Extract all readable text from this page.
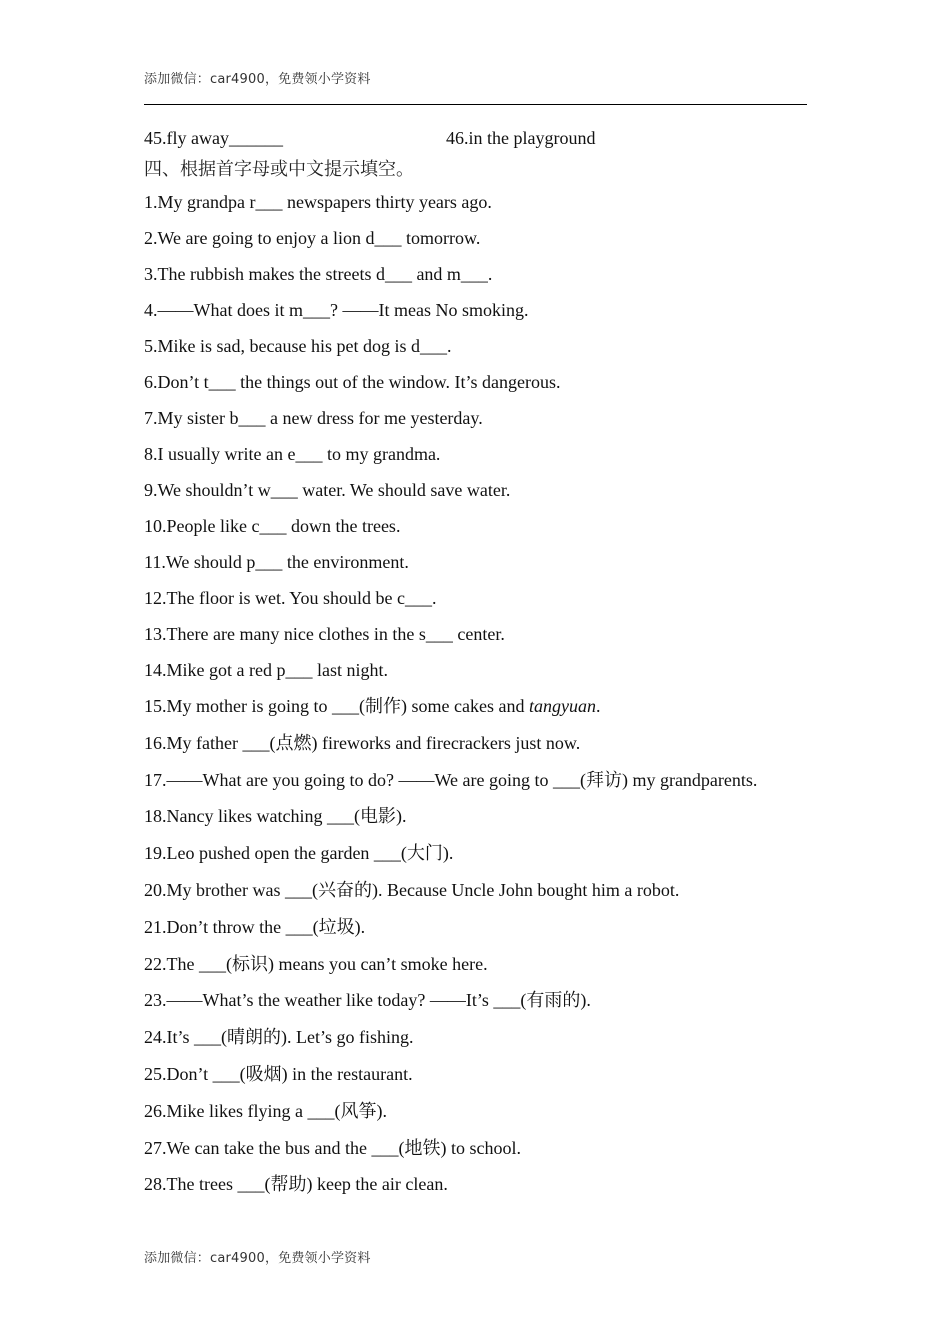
添加微信：car4900，免费领小学资料
45.fly away______	46.in the playground
四、根据首字母或中文提示填空。
1.My grandpa r___ newspapers thirty years ago.
2.We are going to enjoy a lion d___ tomorrow.
3.The rubbish makes the streets d___ and m___.
4.——What does it m___? ——It meas No smoking.
5.Mike is sad, because his pet dog is d___.
6.Don’t t___ the things out of the window. It’s dangerous.
7.My sister b___ a new dress for me yesterday.
8.I usually write an e___ to my grandma.
9.We shouldn’t w___ water. We should save water.
10.People like c___ down the trees.
11.We should p___ the environment.
12.The floor is wet. You should be c___.
13.There are many nice clothes in the s___ center.
14.Mike got a red p___ last night.
15.My mother is going to ___(制作) some cakes and tangyuan.
16.My father ___(点燃) fireworks and firecrackers just now.
17.——What are you going to do? ——We are going to ___(拜访) my grandparents.
18.Nancy likes watching ___(电影).
19.Leo pushed open the garden ___(大门).
20.My brother was ___(兴奋的). Because Uncle John bought him a robot.
21.Don’t throw the ___(垃圾).
22.The ___(标识) means you can’t smoke here.
23.——What’s the weather like today? ——It’s ___(有雨的).
24.It’s ___(晴朗的). Let’s go fishing.
25.Don’t ___(吸烟) in the restaurant.
26.Mike likes flying a ___(风筝).
27.We can take the bus and the ___(地铁) to school.
28.The trees ___(帮助) keep the air clean.
添加微信：car4900，免费领小学资料
